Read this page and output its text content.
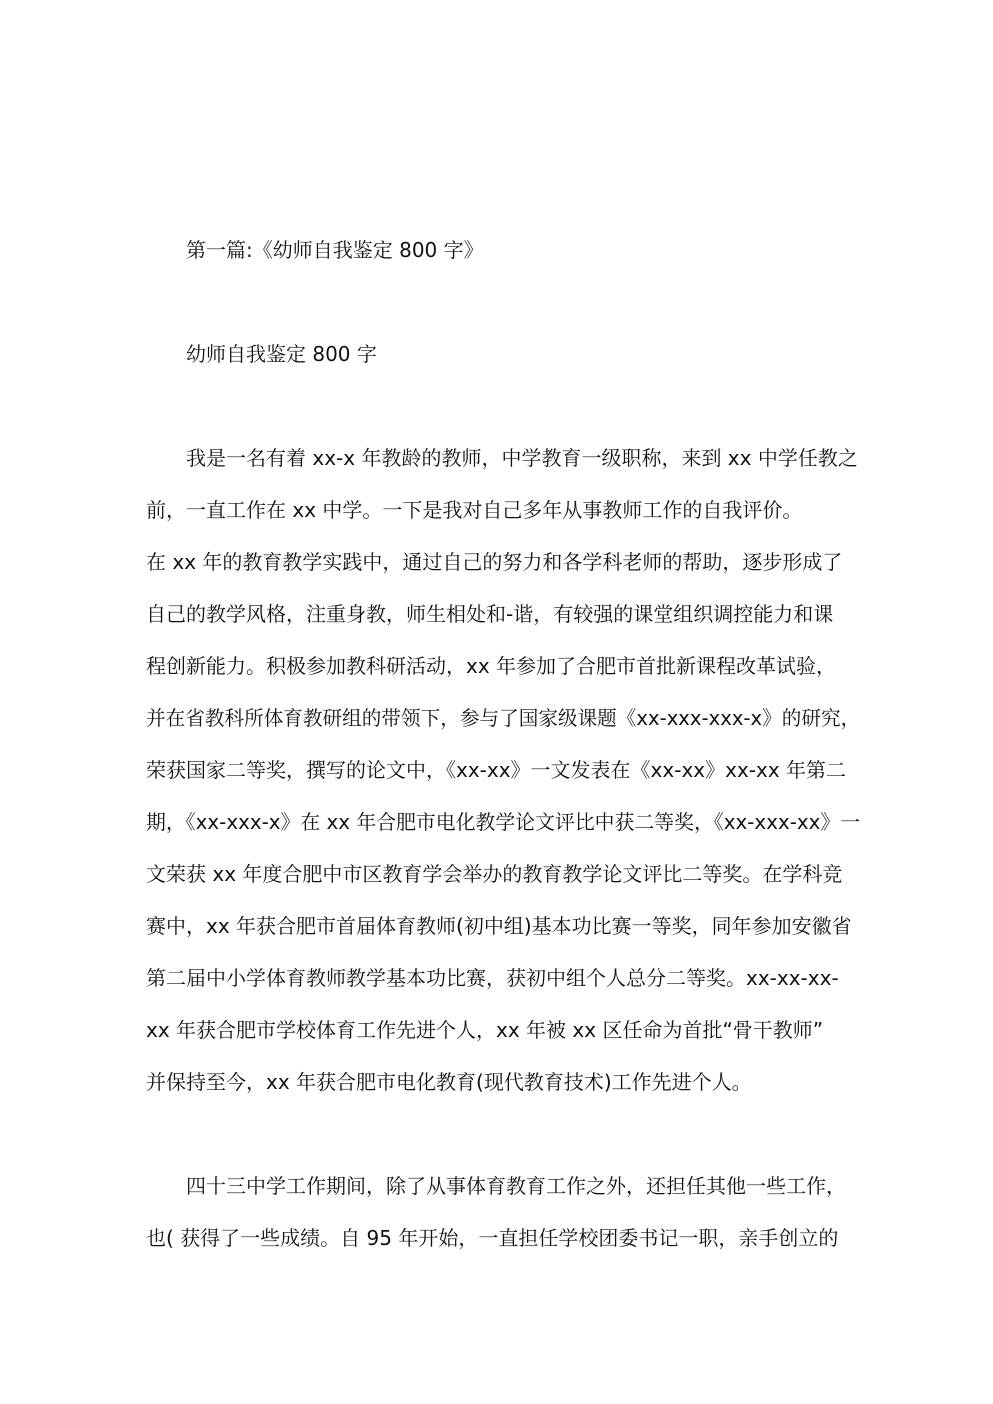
第一篇:《幼师自我鉴定 800 字》
幼师自我鉴定 800 字
我是一名有着 xx-x 年教龄的教师，中学教育一级职称，来到 xx 中学任教之
前，一直工作在 xx 中学。一下是我对自己多年从事教师工作的自我评价。
在 xx 年的教育教学实践中，通过自己的努力和各学科老师的帮助，逐步形成了
自己的教学风格，注重身教，师生相处和-谐，有较强的课堂组织调控能力和课
程创新能力。积极参加教科研活动，xx 年参加了合肥市首批新课程改革试验，
并在省教科所体育教研组的带领下，参与了国家级课题《xx-xxx-xxx-x》的研究，
荣获国家二等奖，撰写的论文中，《xx-xx》一文发表在《xx-xx》xx-xx 年第二
期，《xx-xxx-x》在 xx 年合肥市电化教学论文评比中获二等奖，《xx-xxx-xx》一
文荣获 xx 年度合肥中市区教育学会举办的教育教学论文评比二等奖。在学科竞
赛中，xx 年获合肥市首届体育教师(初中组)基本功比赛一等奖，同年参加安徽省
第二届中小学体育教师教学基本功比赛，获初中组个人总分二等奖。xx-xx-xx-
xx 年获合肥市学校体育工作先进个人，xx 年被 xx 区任命为首批“骨干教师”
并保持至今，xx 年获合肥市电化教育(现代教育技术)工作先进个人。
四十三中学工作期间，除了从事体育教育工作之外，还担任其他一些工作，
也( 获得了一些成绩。自 95 年开始，一直担任学校团委书记一职，亲手创立的
